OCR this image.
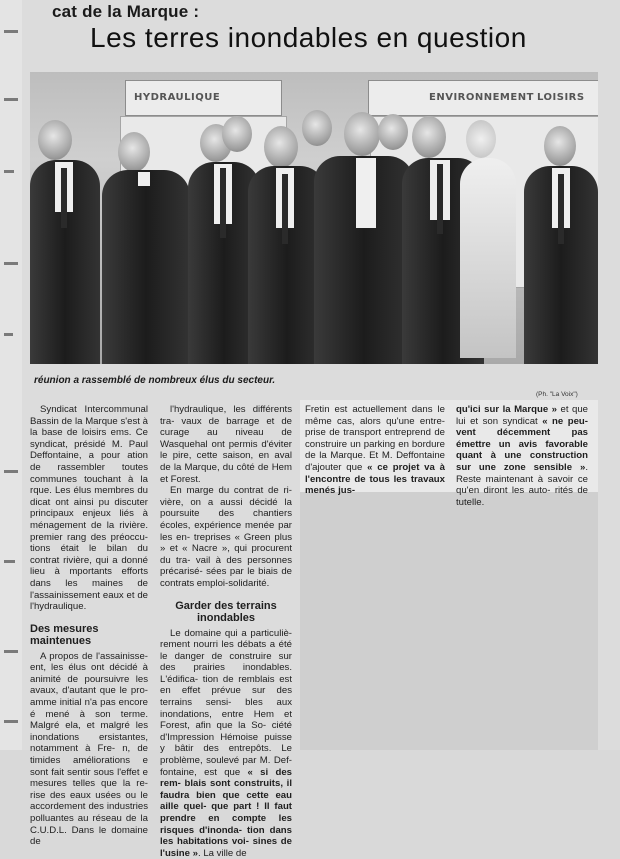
cat de la Marque :
Les terres inondables en question
HYDRAULIQUE	ENVIRONNEMENT LOISIRS
réunion a rassemblé de nombreux élus du secteur.
(Ph. "La Voix")

Syndicat Intercommunal Bassin de la Marque s'est à la base de loisirs ems. Ce syndicat, présidé M. Paul Deffontaine, a pour ation de rassembler toutes communes touchant à la rque. Les élus membres du dicat ont ainsi pu discuter principaux enjeux liés à ménagement de la rivière. premier rang des préoccu- tions était le bilan du contrat rivière, qui a donné lieu à mportants efforts dans les maines de l'assainissement eaux et de l'hydraulique.

Des mesures maintenues

A propos de l'assainisse- ent, les élus ont décidé à animité de poursuivre les avaux, d'autant que le pro- amme initial n'a pas encore é mené à son terme. Malgré ela, et malgré les inondations ersistantes, notamment à Fre- n, de timides améliorations e sont fait sentir sous l'effet e mesures telles que la re- rise des eaux usées ou le accordement des industries polluantes au réseau de la C.U.D.L. Dans le domaine de

l'hydraulique, les différents tra- vaux de barrage et de curage au niveau de Wasquehal ont permis d'éviter le pire, cette saison, en aval de la Marque, du côté de Hem et Forest.

En marge du contrat de ri- vière, on a aussi décidé la poursuite des chantiers écoles, expérience menée par les en- treprises « Green plus » et « Nacre », qui procurent du tra- vail à des personnes précarisé- sées par le biais de contrats emploi-solidarité.

Garder des terrains inondables

Le domaine qui a particuliè- rement nourri les débats a été le danger de construire sur des prairies inondables. L'édifica- tion de remblais est en effet prévue sur des terrains sensi- bles aux inondations, entre Hem et Forest, afin que la So- ciété d'Impression Hémoise puisse y bâtir des entrepôts. Le problème, soulevé par M. Def- fontaine, est que « si des rem- blais sont construits, il faudra bien que cette eau aille quel- que part ! Il faut prendre en compte les risques d'inonda- tion dans les habitations voi- sines de l'usine ». La ville de

Fretin est actuellement dans le même cas, alors qu'une entre- prise de transport entreprend de construire un parking en bordure de la Marque. Et M. Deffontaine d'ajouter que « ce projet va à l'encontre de tous les travaux menés jus-

qu'ici sur la Marque » et que lui et son syndicat « ne peu- vent décemment pas émettre un avis favorable quant à une construction sur une zone sensible ». Reste maintenant à savoir ce qu'en diront les auto- rités de tutelle.
